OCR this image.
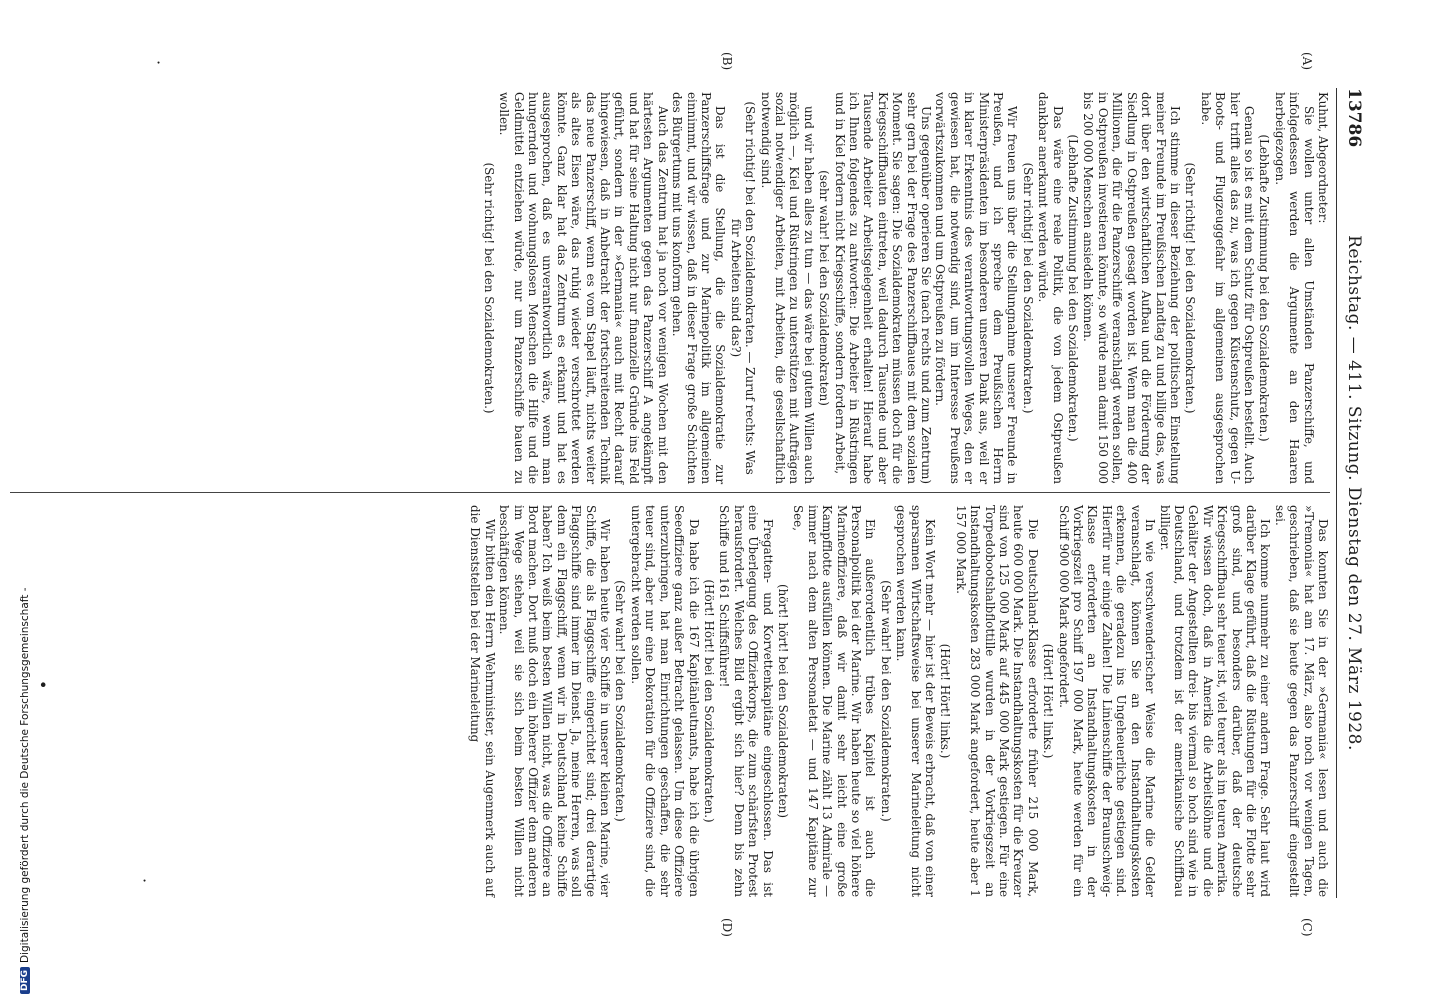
13786
Reichstag. — 411. Sitzung. Dienstag den 27. März 1928.
(A)
(B)
(C)
(D)

Kuhnt, Abgeordneter:

Sie wollen unter allen Umständen Panzerschiffe, und infolgedessen werden die Argumente an den Haaren herbeigezogen.

(Lebhafte Zustimmung bei den Sozialdemokraten.)

Genau so ist es mit dem Schutz für Ostpreußen bestellt. Auch hier trifft alles das zu, was ich gegen Küstenschutz, gegen U-Boots- und Flugzeuggefahr im allgemeinen ausgesprochen habe.

(Sehr richtig! bei den Sozialdemokraten.)

Ich stimme in dieser Beziehung der politischen Einstellung meiner Freunde im Preußischen Landtag zu und billige das, was dort über den wirtschaftlichen Aufbau und die Förderung der Siedlung in Ostpreußen gesagt worden ist. Wenn man die 400 Millionen, die für die Panzerschiffe veranschlagt werden sollen, in Ostpreußen investieren könnte, so würde man damit 150 000 bis 200 000 Menschen ansiedeln können.

(Lebhafte Zustimmung bei den Sozialdemokraten.)

Das wäre eine reale Politik, die von jedem Ostpreußen dankbar anerkannt werden würde.

(Sehr richtig! bei den Sozialdemokraten.)

Wir freuen uns über die Stellungnahme unserer Freunde in Preußen, und ich spreche dem Preußischen Herrn Ministerpräsidenten im besonderen unseren Dank aus, weil er in klarer Erkenntnis des verantwortungsvollen Weges, den er gewiesen hat, die notwendig sind, um im Interesse Preußens vorwärtszukommen und um Ostpreußen zu fördern.

Uns gegenüber operieren Sie (nach rechts und zum Zentrum) sehr gern bei der Frage des Panzerschiffbaues mit dem sozialen Moment. Sie sagen: Die Sozialdemokraten müssen doch für die Kriegsschiffbauten eintreten, weil dadurch Tausende und aber Tausende Arbeiter Arbeitsgelegenheit erhalten! Hierauf habe ich Ihnen folgendes zu antworten: Die Arbeiter in Rüstringen und in Kiel fordern nicht Kriegsschiffe, sondern fordern Arbeit,

(sehr wahr! bei den Sozialdemokraten)

und wir haben alles zu tun — das wäre bei gutem Willen auch möglich —, Kiel und Rüstringen zu unterstützen mit Aufträgen sozial notwendiger Arbeiten, mit Arbeiten, die gesellschaftlich notwendig sind.

(Sehr richtig! bei den Sozialdemokraten. — Zuruf rechts: Was für Arbeiten sind das?)

Das ist die Stellung, die die Sozialdemokratie zur Panzerschiffsfrage und zur Marinepolitik im allgemeinen einnimmt, und wir wissen, daß in dieser Frage große Schichten des Bürgertums mit uns konform gehen.

Auch das Zentrum hat ja noch vor wenigen Wochen mit den härtesten Argumenten gegen das Panzerschiff A angekämpft und hat für seine Haltung nicht nur finanzielle Gründe ins Feld geführt, sondern in der »Germania« auch mit Recht darauf hingewiesen, daß in Anbetracht der fortschreitenden Technik das neue Panzerschiff, wenn es vom Stapel läuft, nichts weiter als altes Eisen wäre, das ruhig wieder verschrottet werden könnte. Ganz klar hat das Zentrum es erkannt und hat es ausgesprochen, daß es unverantwortlich wäre, wenn man hungernden und wohnungslosen Menschen die Hilfe und die Geldmittel entziehen würde, nur um Panzerschiffe bauen zu wollen.

(Sehr richtig! bei den Sozialdemokraten.)

Das konnten Sie in der »Germania« lesen und auch die »Tremonia« hat am 17. März, also noch vor wenigen Tagen, geschrieben, daß sie heute gegen das Panzerschiff eingestellt sei.

Ich komme nunmehr zu einer andern Frage. Sehr laut wird darüber Klage geführt, daß die Rüstungen für die Flotte sehr groß sind, und besonders darüber, daß der deutsche Kriegsschiffbau sehr teuer ist, viel teurer als im teuren Amerika. Wir wissen doch, daß in Amerika die Arbeitslöhne und die Gehälter der Angestellten drei- bis viermal so hoch sind wie in Deutschland, und trotzdem ist der amerikanische Schiffbau billiger.

In wie verschwenderischer Weise die Marine die Gelder veranschlagt, können Sie an den Instandhaltungskosten erkennen, die geradezu ins Ungeheuerliche gestiegen sind. Hierfür nur einige Zahlen! Die Linienschiffe der Braunschweig-Klasse erforderten an Instandhaltungskosten in der Vorkriegszeit pro Schiff 197 000 Mark, heute werden für ein Schiff 900 000 Mark angefordert.

(Hört! Hört! links.)

Die Deutschland-Klasse erforderte früher 215 000 Mark, heute 600 000 Mark. Die Instandhaltungskosten für die Kreuzer sind von 125 000 Mark auf 445 000 Mark gestiegen. Für eine Torpedobootshalbflottille wurden in der Vorkriegszeit an Instandhaltungskosten 283 000 Mark angefordert, heute aber 1 157 000 Mark.

(Hört! Hört! links.)

Kein Wort mehr — hier ist der Beweis erbracht, daß von einer sparsamen Wirtschaftsweise bei unserer Marineleitung nicht gesprochen werden kann.

(Sehr wahr! bei den Sozialdemokraten.)

Ein außerordentlich trübes Kapitel ist auch die Personalpolitik bei der Marine. Wir haben heute so viel höhere Marineoffiziere, daß wir damit sehr leicht eine große Kampfflotte ausfüllen können. Die Marine zählt 13 Admirale — immer nach dem alten Personaletat — und 147 Kapitäne zur See,

(hört! hört! bei den Sozialdemokraten)

Fregatten- und Korvettenkapitäne eingeschlossen. Das ist eine Überlegung des Offizierkorps, die zum schärfsten Protest herausfordert. Welches Bild ergibt sich hier? Denn bis zehn Schiffe und 161 Schiffsführer!

(Hört! Hört! bei den Sozialdemokraten.)

Da habe ich die 167 Kapitänleutnants, habe ich die übrigen Seeoffiziere ganz außer Betracht gelassen. Um diese Offiziere unterzubringen, hat man Einrichtungen geschaffen, die sehr teuer sind, aber nur eine Dekoration für die Offiziere sind, die untergebracht werden sollen.

(Sehr wahr! bei den Sozialdemokraten.)

Wir haben heute vier Schiffe in unserer kleinen Marine, vier Schiffe, die als Flaggschiffe eingerichtet sind; drei derartige Flaggschiffe sind immer im Dienst. Ja, meine Herren, was soll denn ein Flaggschiff, wenn wir in Deutschland keine Schiffe haben? Ich weiß beim besten Willen nicht, was die Offiziere an Bord machen. Dort muß doch ein höherer Offizier dem anderen im Wege stehen, weil sie sich beim besten Willen nicht beschäftigen können.

Wir bitten den Herrn Wehrminister, sein Augenmerk auch auf die Dienststellen bei der Marineleitung

·
·
•
DFGDigitalisierung gefördert durch die Deutsche Forschungsgemeinschaft -
